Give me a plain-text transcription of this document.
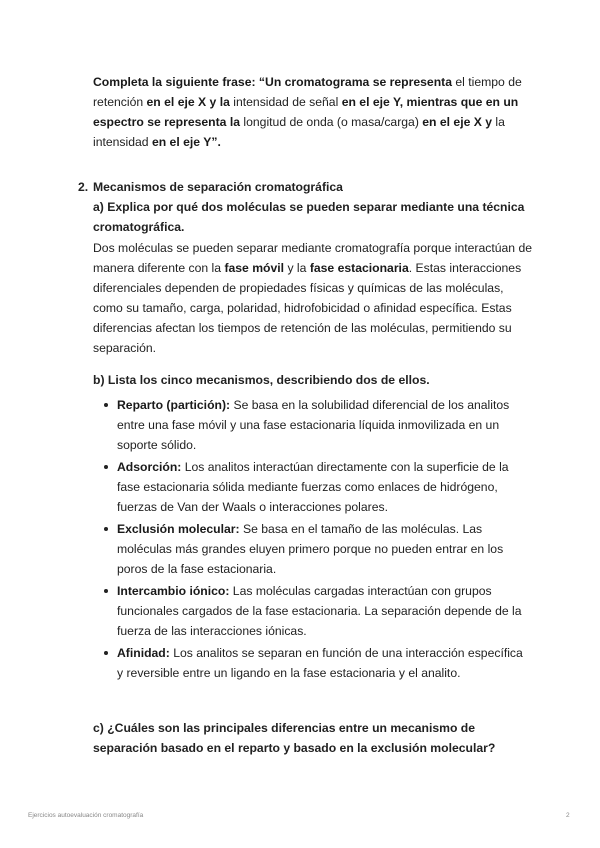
Completa la siguiente frase: “Un cromatograma se representa el tiempo de retención en el eje X y la intensidad de señal en el eje Y, mientras que en un espectro se representa la longitud de onda (o masa/carga) en el eje X y la intensidad en el eje Y”.

2. Mecanismos de separación cromatográfica
a) Explica por qué dos moléculas se pueden separar mediante una técnica cromatográfica.

Dos moléculas se pueden separar mediante cromatografía porque interactúan de manera diferente con la fase móvil y la fase estacionaria. Estas interacciones diferenciales dependen de propiedades físicas y químicas de las moléculas, como su tamaño, carga, polaridad, hidrofobicidad o afinidad específica. Estas diferencias afectan los tiempos de retención de las moléculas, permitiendo su separación.

b) Lista los cinco mecanismos, describiendo dos de ellos.
Reparto (partición): Se basa en la solubilidad diferencial de los analitos entre una fase móvil y una fase estacionaria líquida inmovilizada en un soporte sólido.
Adsorción: Los analitos interactúan directamente con la superficie de la fase estacionaria sólida mediante fuerzas como enlaces de hidrógeno, fuerzas de Van der Waals o interacciones polares.
Exclusión molecular: Se basa en el tamaño de las moléculas. Las moléculas más grandes eluyen primero porque no pueden entrar en los poros de la fase estacionaria.
Intercambio iónico: Las moléculas cargadas interactúan con grupos funcionales cargados de la fase estacionaria. La separación depende de la fuerza de las interacciones iónicas.
Afinidad: Los analitos se separan en función de una interacción específica y reversible entre un ligando en la fase estacionaria y el analito.
c) ¿Cuáles son las principales diferencias entre un mecanismo de separación basado en el reparto y basado en la exclusión molecular?
Ejercicios autoevaluación cromatografía	2
